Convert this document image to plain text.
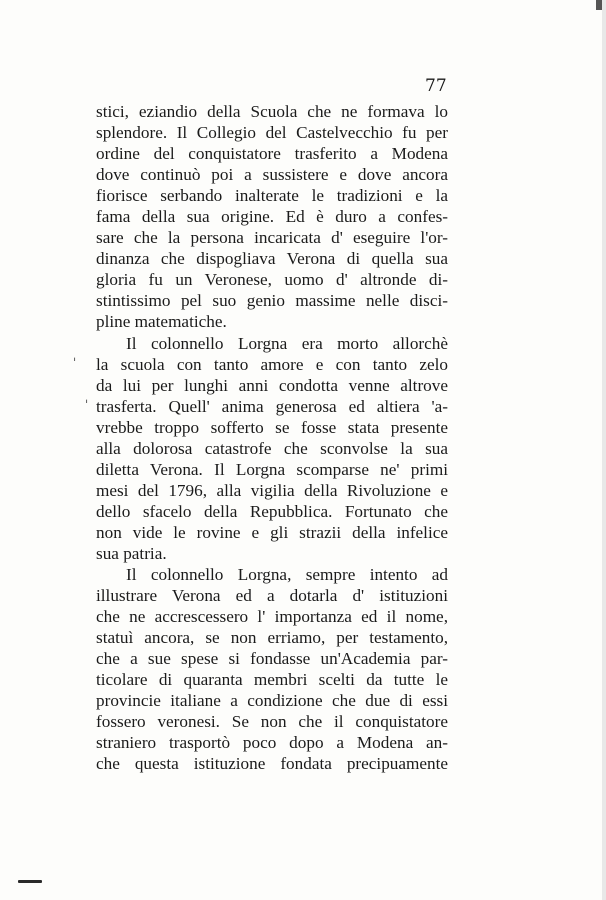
77
ˌ
ˌ
stici, eziandio della Scuola che ne formava lo
splendore. Il Collegio del Castelvecchio fu per
ordine del conquistatore trasferito a Modena
dove continuò poi a sussistere e dove ancora
fiorisce serbando inalterate le tradizioni e la
fama della sua origine. Ed è duro a confes-
sare che la persona incaricata d' eseguire l'or-
dinanza che dispogliava Verona di quella sua
gloria fu un Veronese, uomo d' altronde di-
stintissimo pel suo genio massime nelle disci-
pline matematiche.
Il colonnello Lorgna era morto allorchè
la scuola con tanto amore e con tanto zelo
da lui per lunghi anni condotta venne altrove
trasferta. Quell' anima generosa ed altiera 'a-
vrebbe troppo sofferto se fosse stata presente
alla dolorosa catastrofe che sconvolse la sua
diletta Verona. Il Lorgna scomparse ne' primi
mesi del 1796, alla vigilia della Rivoluzione e
dello sfacelo della Repubblica. Fortunato che
non vide le rovine e gli strazii della infelice
sua patria.
Il colonnello Lorgna, sempre intento ad
illustrare Verona ed a dotarla d' istituzioni
che ne accrescessero l' importanza ed il nome,
statuì ancora, se non erriamo, per testamento,
che a sue spese si fondasse un'Academia par-
ticolare di quaranta membri scelti da tutte le
provincie italiane a condizione che due di essi
fossero veronesi. Se non che il conquistatore
straniero trasportò poco dopo a Modena an-
che questa istituzione fondata precipuamente
